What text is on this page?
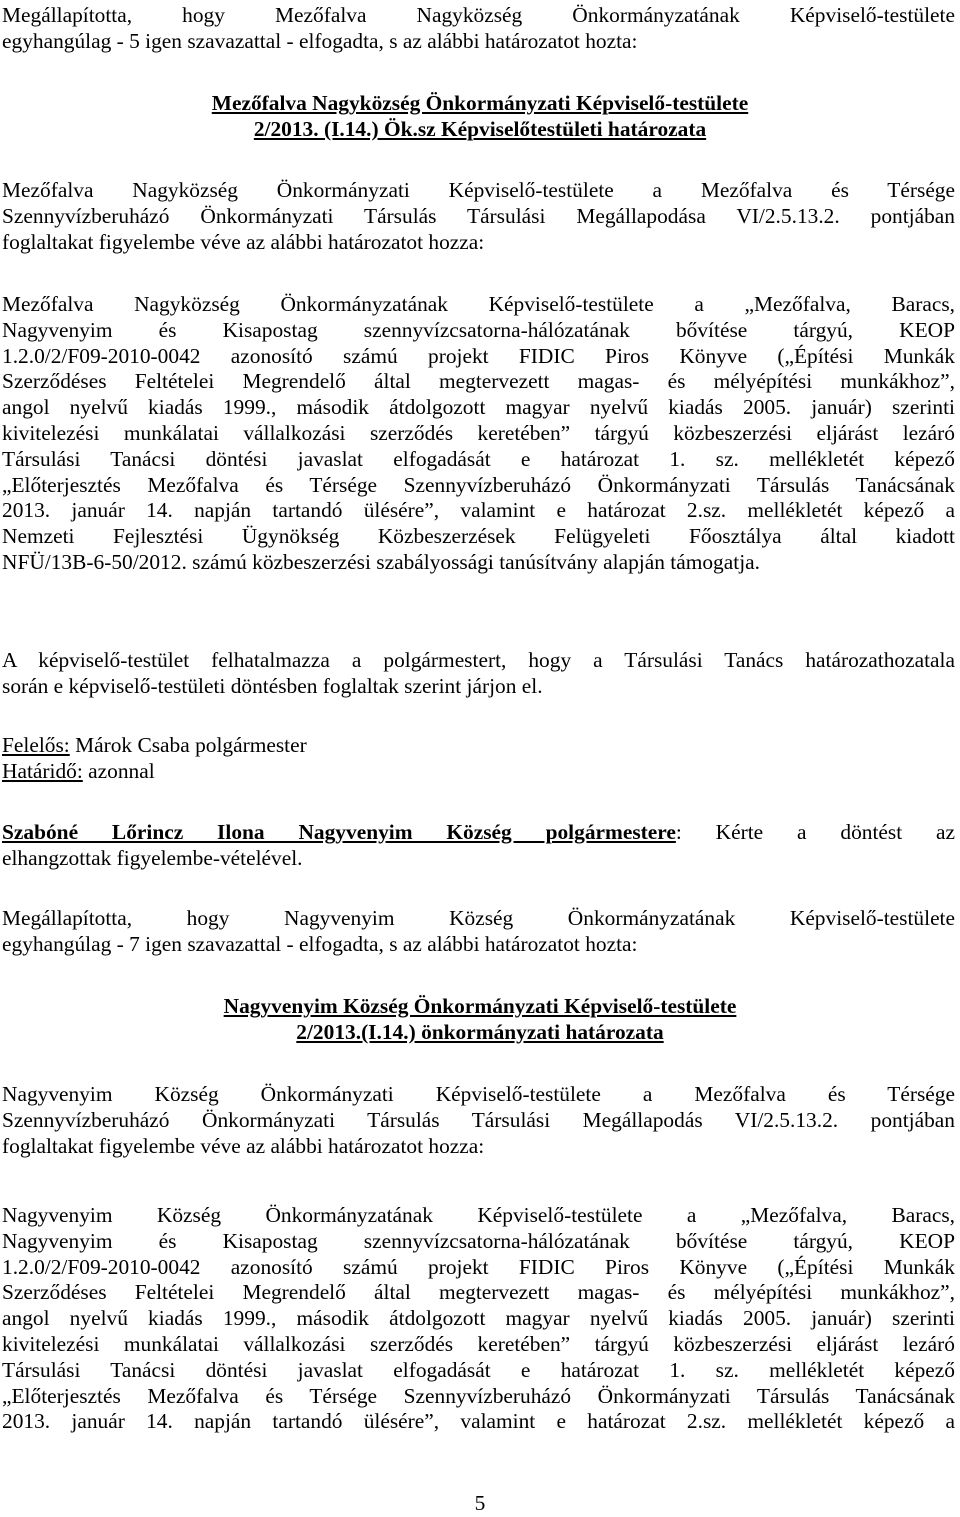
Megállapította, hogy Mezőfalva Nagyközség Önkormányzatának Képviselő-testülete
egyhangúlag - 5 igen szavazattal - elfogadta, s az alábbi határozatot hozta:
Mezőfalva Nagyközség Önkormányzati Képviselő-testülete
2/2013. (I.14.) Ök.sz Képviselőtestületi határozata
Mezőfalva Nagyközség Önkormányzati Képviselő-testülete a Mezőfalva és Térsége
Szennyvízberuházó Önkormányzati Társulás Társulási Megállapodása VI/2.5.13.2. pontjában
foglaltakat figyelembe véve az alábbi határozatot hozza:
Mezőfalva Nagyközség Önkormányzatának Képviselő-testülete a „Mezőfalva, Baracs,
Nagyvenyim és Kisapostag szennyvízcsatorna-hálózatának bővítése tárgyú, KEOP
1.2.0/2/F09-2010-0042 azonosító számú projekt FIDIC Piros Könyve („Építési Munkák
Szerződéses Feltételei Megrendelő által megtervezett magas- és mélyépítési munkákhoz”,
angol nyelvű kiadás 1999., második átdolgozott magyar nyelvű kiadás 2005. január) szerinti
kivitelezési munkálatai vállalkozási szerződés keretében” tárgyú közbeszerzési eljárást lezáró
Társulási Tanácsi döntési javaslat elfogadását e határozat 1. sz. mellékletét képező
„Előterjesztés Mezőfalva és Térsége Szennyvízberuházó Önkormányzati Társulás Tanácsának
2013. január 14. napján tartandó ülésére”, valamint e határozat 2.sz. mellékletét képező a
Nemzeti Fejlesztési Ügynökség Közbeszerzések Felügyeleti Főosztálya által kiadott
NFÜ/13B-6-50/2012. számú közbeszerzési szabályossági tanúsítvány alapján támogatja.
A képviselő-testület felhatalmazza a polgármestert, hogy a Társulási Tanács határozathozatala
során e képviselő-testületi döntésben foglaltak szerint járjon el.
Felelős: Márok Csaba polgármester
Határidő: azonnal
Szabóné Lőrincz Ilona Nagyvenyim Község polgármestere: Kérte a döntést az
elhangzottak figyelembe-vételével.
Megállapította, hogy Nagyvenyim Község Önkormányzatának Képviselő-testülete
egyhangúlag - 7 igen szavazattal - elfogadta, s az alábbi határozatot hozta:
Nagyvenyim Község Önkormányzati Képviselő-testülete
2/2013.(I.14.) önkormányzati határozata
Nagyvenyim Község Önkormányzati Képviselő-testülete a Mezőfalva és Térsége
Szennyvízberuházó Önkormányzati Társulás Társulási Megállapodás VI/2.5.13.2. pontjában
foglaltakat figyelembe véve az alábbi határozatot hozza:
Nagyvenyim Község Önkormányzatának Képviselő-testülete a „Mezőfalva, Baracs,
Nagyvenyim és Kisapostag szennyvízcsatorna-hálózatának bővítése tárgyú, KEOP
1.2.0/2/F09-2010-0042 azonosító számú projekt FIDIC Piros Könyve („Építési Munkák
Szerződéses Feltételei Megrendelő által megtervezett magas- és mélyépítési munkákhoz”,
angol nyelvű kiadás 1999., második átdolgozott magyar nyelvű kiadás 2005. január) szerinti
kivitelezési munkálatai vállalkozási szerződés keretében” tárgyú közbeszerzési eljárást lezáró
Társulási Tanácsi döntési javaslat elfogadását e határozat 1. sz. mellékletét képező
„Előterjesztés Mezőfalva és Térsége Szennyvízberuházó Önkormányzati Társulás Tanácsának
2013. január 14. napján tartandó ülésére”, valamint e határozat 2.sz. mellékletét képező a
5
